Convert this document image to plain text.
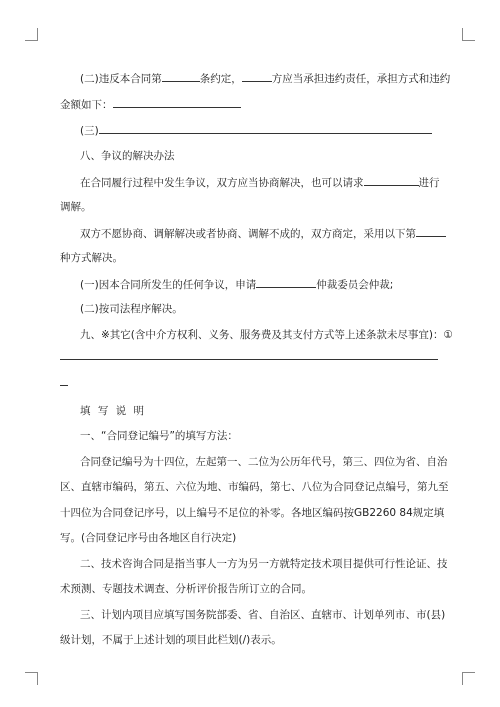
(二)违反本合同第	条约定，	方应当承担违约责任，承担方式和违约
金额如下：
(三)
八、争议的解决办法
在合同履行过程中发生争议，双方应当协商解决，也可以请求	进行
调解。
双方不愿协商、调解解决或者协商、调解不成的，双方商定，采用以下第
种方式解决。
(一)因本合同所发生的任何争议，申请	仲裁委员会仲裁;
(二)按司法程序解决。
九、※其它(含中介方权利、义务、服务费及其支付方式等上述条款未尽事宜)：①
填 写 说 明
一、“合同登记编号”的填写方法：
合同登记编号为十四位，左起第一、二位为公历年代号，第三、四位为省、自治
区、直辖市编码，第五、六位为地、市编码，第七、八位为合同登记点编号，第九至
十四位为合同登记序号，以上编号不足位的补零。各地区编码按GB2260 84规定填
写。(合同登记序号由各地区自行决定)
二、技术咨询合同是指当事人一方为另一方就特定技术项目提供可行性论证、技
术预测、专题技术调查、分析评价报告所订立的合同。
三、计划内项目应填写国务院部委、省、自治区、直辖市、计划单列市、市(县)
级计划，不属于上述计划的项目此栏划(/)表示。
